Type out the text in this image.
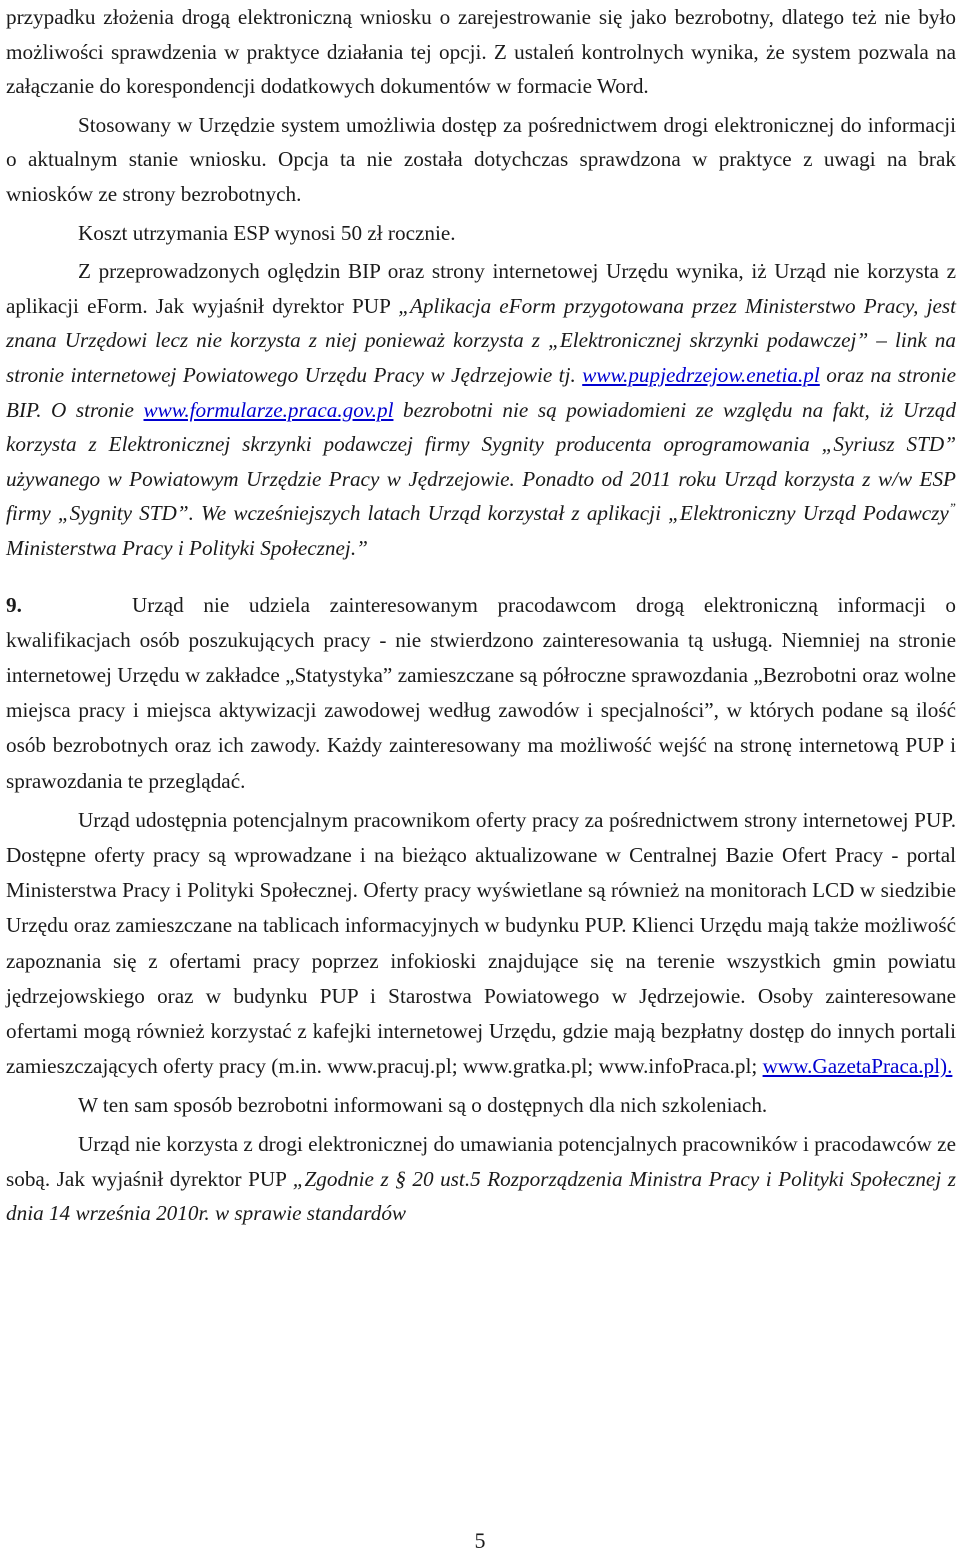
przypadku złożenia drogą elektroniczną wniosku o zarejestrowanie się jako bezrobotny, dlatego też nie było możliwości sprawdzenia w praktyce działania tej opcji. Z ustaleń kontrolnych wynika, że system pozwala na załączanie do korespondencji dodatkowych dokumentów w formacie Word.

Stosowany w Urzędzie system umożliwia dostęp za pośrednictwem drogi elektronicznej do informacji o aktualnym stanie wniosku. Opcja ta nie została dotychczas sprawdzona w praktyce z uwagi na brak wniosków ze strony bezrobotnych.

Koszt utrzymania ESP wynosi 50 zł rocznie.

Z przeprowadzonych oględzin BIP oraz strony internetowej Urzędu wynika, iż Urząd nie korzysta z aplikacji eForm. Jak wyjaśnił dyrektor PUP „Aplikacja eForm przygotowana przez Ministerstwo Pracy, jest znana Urzędowi lecz nie korzysta z niej ponieważ korzysta z „Elektronicznej skrzynki podawczej” – link na stronie internetowej Powiatowego Urzędu Pracy w Jędrzejowie tj. www.pupjedrzejow.enetia.pl oraz na stronie BIP. O stronie www.formularze.praca.gov.pl bezrobotni nie są powiadomieni ze względu na fakt, iż Urząd korzysta z Elektronicznej skrzynki podawczej firmy Sygnity producenta oprogramowania „Syriusz STD” używanego w Powiatowym Urzędzie Pracy w Jędrzejowie. Ponadto od 2011 roku Urząd korzysta z w/w ESP firmy „Sygnity STD”. We wcześniejszych latach Urząd korzystał z aplikacji „Elektroniczny Urząd Podawczy” Ministerstwa Pracy i Polityki Społecznej.”

9.	Urząd nie udziela zainteresowanym pracodawcom drogą elektroniczną informacji o kwalifikacjach osób poszukujących pracy - nie stwierdzono zainteresowania tą usługą. Niemniej na stronie internetowej Urzędu w zakładce „Statystyka” zamieszczane są półroczne sprawozdania „Bezrobotni oraz wolne miejsca pracy i miejsca aktywizacji zawodowej według zawodów i specjalności”, w których podane są ilość osób bezrobotnych oraz ich zawody. Każdy zainteresowany ma możliwość wejść na stronę internetową PUP i sprawozdania te przeglądać.

Urząd udostępnia potencjalnym pracownikom oferty pracy za pośrednictwem strony internetowej PUP. Dostępne oferty pracy są wprowadzane i na bieżąco aktualizowane w Centralnej Bazie Ofert Pracy - portal Ministerstwa Pracy i Polityki Społecznej. Oferty pracy wyświetlane są również na monitorach LCD w siedzibie Urzędu oraz zamieszczane na tablicach informacyjnych w budynku PUP. Klienci Urzędu mają także możliwość zapoznania się z ofertami pracy poprzez infokioski znajdujące się na terenie wszystkich gmin powiatu jędrzejowskiego oraz w budynku PUP i Starostwa Powiatowego w Jędrzejowie. Osoby zainteresowane ofertami mogą również korzystać z kafejki internetowej Urzędu, gdzie mają bezpłatny dostęp do innych portali zamieszczających oferty pracy (m.in. www.pracuj.pl; www.gratka.pl; www.infoPraca.pl; www.GazetaPraca.pl).

W ten sam sposób bezrobotni informowani są o dostępnych dla nich szkoleniach.

Urząd nie korzysta z drogi elektronicznej do umawiania potencjalnych pracowników i pracodawców ze sobą. Jak wyjaśnił dyrektor PUP „Zgodnie z § 20 ust.5 Rozporządzenia Ministra Pracy i Polityki Społecznej z dnia 14 września 2010r. w sprawie standardów

5
